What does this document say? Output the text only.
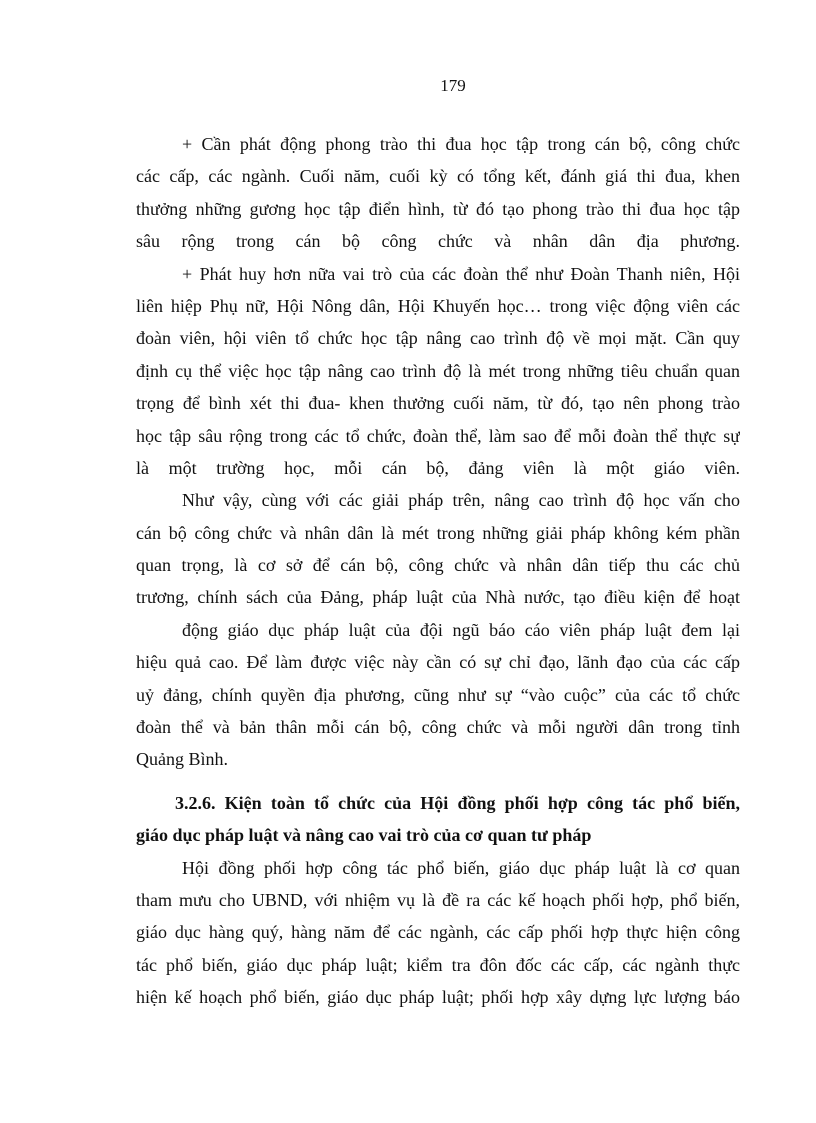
179
+ Cần phát động phong trào thi đua học tập trong cán bộ, công chức
các cấp, các ngành. Cuối năm, cuối kỳ có tổng kết, đánh giá thi đua, khen
thưởng những gương học tập điển hình, từ đó tạo phong trào thi đua học tập
sâu rộng trong cán bộ công chức và nhân dân địa phương.
+ Phát huy hơn nữa vai trò của các đoàn thể như Đoàn Thanh niên, Hội
liên hiệp Phụ nữ, Hội Nông dân, Hội Khuyến học… trong việc động viên các
đoàn viên, hội viên tổ chức học tập nâng cao trình độ về mọi mặt. Cần quy
định cụ thể việc học tập nâng cao trình độ là mét trong những tiêu chuẩn quan
trọng để bình xét thi đua- khen thưởng cuối năm, từ đó, tạo nên phong trào
học tập sâu rộng trong các tổ chức, đoàn thể, làm sao để mỗi đoàn thể thực sự
là một trường học, mỗi cán bộ, đảng viên là một giáo viên.
Như vậy, cùng với các giải pháp trên, nâng cao trình độ học vấn cho
cán bộ công chức và nhân dân là mét trong những giải pháp không kém phần
quan trọng, là cơ sở để cán bộ, công chức và nhân dân tiếp thu các chủ
trương, chính sách của Đảng, pháp luật của Nhà nước, tạo điều kiện để hoạt
động giáo dục pháp luật của đội ngũ báo cáo viên pháp luật đem lại
hiệu quả cao. Để làm được việc này cần có sự chỉ đạo, lãnh đạo của các cấp
uỷ đảng, chính quyền địa phương, cũng như sự “vào cuộc” của các tổ chức
đoàn thể và bản thân mỗi cán bộ, công chức và mỗi người dân trong tỉnh
Quảng Bình.
3.2.6. Kiện toàn tổ chức của Hội đồng phối hợp công tác phổ biến,
giáo dục pháp luật và nâng cao vai trò của cơ quan tư pháp
Hội đồng phối hợp công tác phổ biến, giáo dục pháp luật là cơ quan
tham mưu cho UBND, với nhiệm vụ là đề ra các kế hoạch phối hợp, phổ biến,
giáo dục hàng quý, hàng năm để các ngành, các cấp phối hợp thực hiện công
tác phổ biến, giáo dục pháp luật; kiểm tra đôn đốc các cấp, các ngành thực
hiện kế hoạch phổ biến, giáo dục pháp luật; phối hợp xây dựng lực lượng báo
